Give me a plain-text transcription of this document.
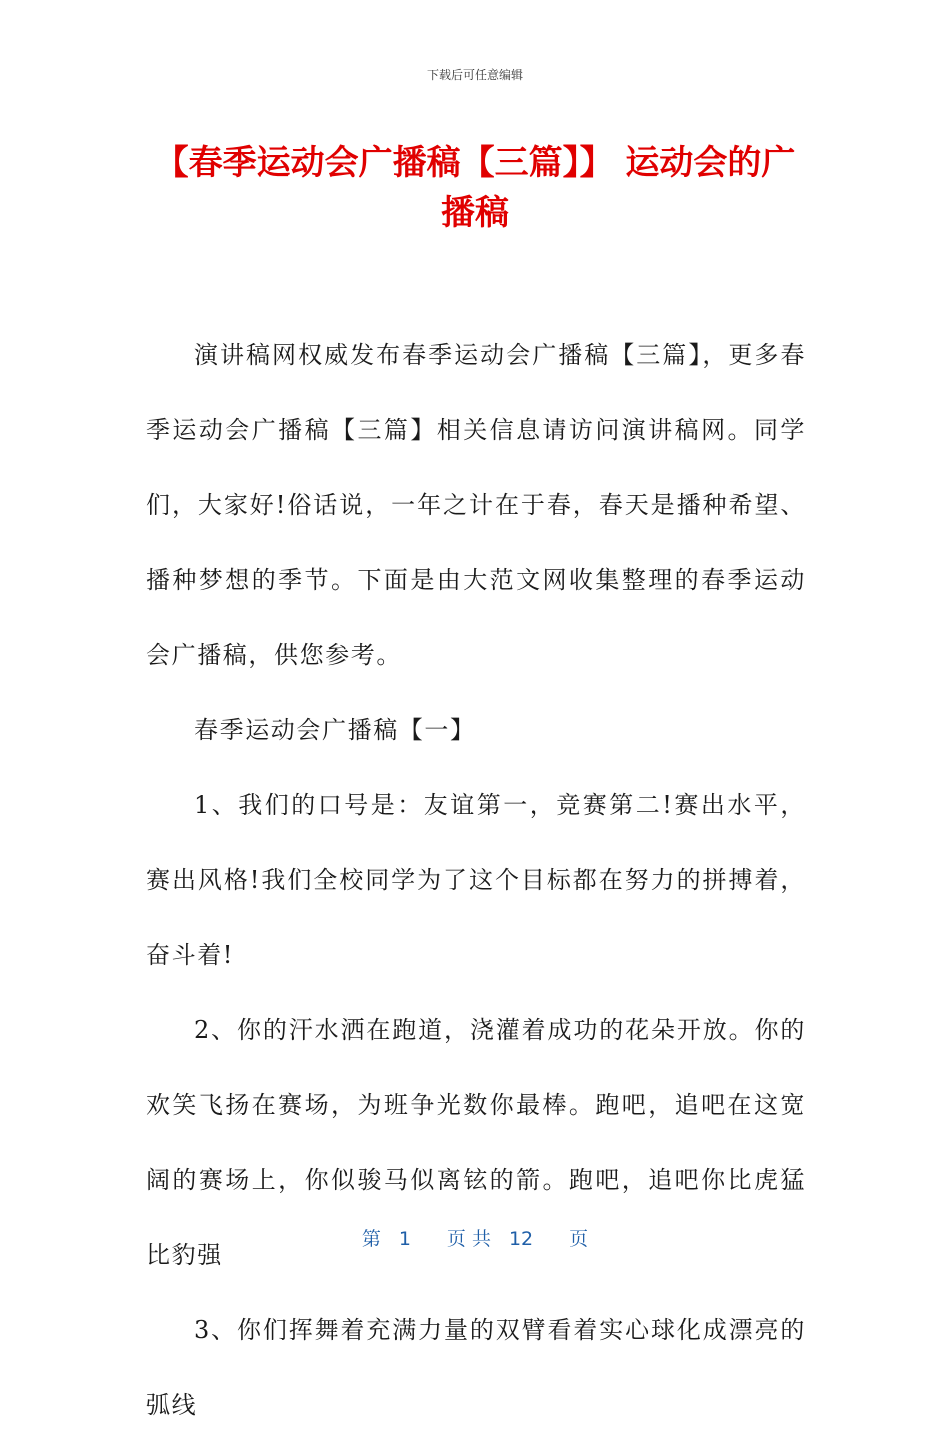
下载后可任意编辑
【春季运动会广播稿【三篇】】 运动会的广播稿

演讲稿网权威发布春季运动会广播稿【三篇】，更多春季运动会广播稿【三篇】相关信息请访问演讲稿网。同学们，大家好!俗话说，一年之计在于春，春天是播种希望、播种梦想的季节。下面是由大范文网收集整理的春季运动会广播稿，供您参考。

春季运动会广播稿【一】

1、我们的口号是：友谊第一，竞赛第二!赛出水平，赛出风格!我们全校同学为了这个目标都在努力的拼搏着，奋斗着!

2、你的汗水洒在跑道，浇灌着成功的花朵开放。你的欢笑飞扬在赛场，为班争光数你最棒。跑吧，追吧在这宽阔的赛场上，你似骏马似离铉的箭。跑吧，追吧你比虎猛比豹强

3、你们挥舞着充满力量的双臂看着实心球化成漂亮的弧线

第 1 页 共 12 页
